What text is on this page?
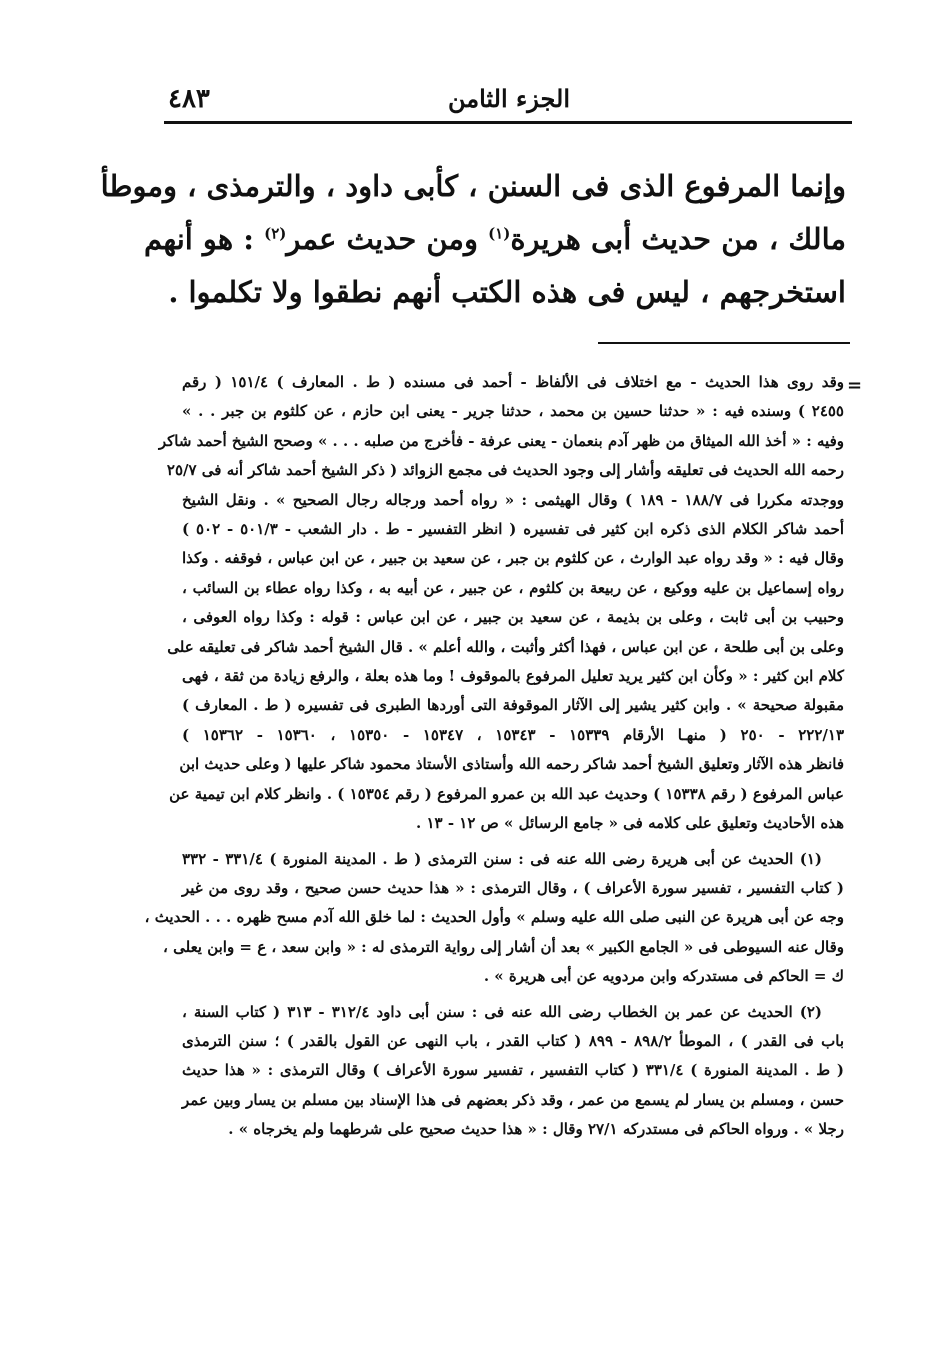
٤٨٣	الجزء الثامن
وإنما المرفوع الذى فى السنن ، كأبى داود ، والترمذى ، وموطأ
مالك ، من حديث أبى هريرة$^{(١)}$ ومن حديث عمر$^{(٢)}$ : هو أنهم
استخرجهم ، ليس فى هذه الكتب أنهم نطقوا ولا تكلموا .
=
وقد روى هذا الحديث - مع اختلاف فى الألفاظ - أحمد فى مسنده ( ط . المعارف ) ١٥١/٤ ( رقم
٢٤٥٥ ) وسنده فيه : « حدثنا حسين بن محمد ، حدثنا جرير - يعنى ابن حازم ، عن كلثوم بن جبر . . »
وفيه : « أخذ الله الميثاق من ظهر آدم بنعمان - يعنى عرفة - فأخرج من صلبه . . . » وصحح الشيخ أحمد شاكر
رحمه الله الحديث فى تعليقه وأشار إلى وجود الحديث فى مجمع الزوائد ( ذكر الشيخ أحمد شاكر أنه فى ٢٥/٧
ووجدته مكررا فى ١٨٨/٧ - ١٨٩ ) وقال الهيثمى : « رواه أحمد ورجاله رجال الصحيح » . ونقل الشيخ
أحمد شاكر الكلام الذى ذكره ابن كثير فى تفسيره ( انظر التفسير - ط . دار الشعب - ٥٠١/٣ - ٥٠٢ )
وقال فيه : « وقد رواه عبد الوارث ، عن كلثوم بن جبر ، عن سعيد بن جبير ، عن ابن عباس ، فوقفه . وكذا
رواه إسماعيل بن عليه ووكيع ، عن ربيعة بن كلثوم ، عن جبير ، عن أبيه به ، وكذا رواه عطاء بن السائب ،
وحبيب بن أبى ثابت ، وعلى بن بذيمة ، عن سعيد بن جبير ، عن ابن عباس : قوله : وكذا رواه العوفى ،
وعلى بن أبى طلحة ، عن ابن عباس ، فهذا أكثر وأثبت ، والله أعلم » . قال الشيخ أحمد شاكر فى تعليقه على
كلام ابن كثير : « وكأن ابن كثير يريد تعليل المرفوع بالموقوف ! وما هذه بعلة ، والرفع زيادة من ثقة ، فهى
مقبولة صحيحة » . وابن كثير يشير إلى الآثار الموقوفة التى أوردها الطبرى فى تفسيره ( ط . المعارف )
٢٢٢/١٣ - ٢٥٠ ( منهـا الأرقام ١٥٣٣٩ - ١٥٣٤٣ ، ١٥٣٤٧ - ١٥٣٥٠ ، ١٥٣٦٠ - ١٥٣٦٢ )
فانظر هذه الآثار وتعليق الشيخ أحمد شاكر رحمه الله وأستاذى الأستاذ محمود شاكر عليها ( وعلى حديث ابن
عباس المرفوع ( رقم ١٥٣٣٨ ) وحديث عبد الله بن عمرو المرفوع ( رقم ١٥٣٥٤ ) . وانظر كلام ابن تيمية عن
هذه الأحاديث وتعليق على كلامه فى « جامع الرسائل » ص ١٢ - ١٣ .
(١) الحديث عن أبى هريرة رضى الله عنه فى : سنن الترمذى ( ط . المدينة المنورة ) ٣٣١/٤ - ٣٣٢
( كتاب التفسير ، تفسير سورة الأعراف ) ، وقال الترمذى : « هذا حديث حسن صحيح ، وقد روى من غير
وجه عن أبى هريرة عن النبى صلى الله عليه وسلم » وأول الحديث : لما خلق الله آدم مسح ظهره . . . الحديث ،
وقال عنه السيوطى فى « الجامع الكبير » بعد أن أشار إلى رواية الترمذى له : « وابن سعد ، ع = وابن يعلى ،
ك = الحاكم فى مستدركه وابن مردويه عن أبى هريرة » .
(٢) الحديث عن عمر بن الخطاب رضى الله عنه فى : سنن أبى داود ٣١٢/٤ - ٣١٣ ( كتاب السنة ،
باب فى القدر ) ، الموطأ ٨٩٨/٢ - ٨٩٩ ( كتاب القدر ، باب النهى عن القول بالقدر ) ؛ سنن الترمذى
( ط . المدينة المنورة ) ٣٣١/٤ ( كتاب التفسير ، تفسير سورة الأعراف ) وقال الترمذى : « هذا حديث
حسن ، ومسلم بن يسار لم يسمع من عمر ، وقد ذكر بعضهم فى هذا الإسناد بين مسلم بن يسار وبين عمر
رجلا » . ورواه الحاكم فى مستدركه ٢٧/١ وقال : « هذا حديث صحيح على شرطهما ولم يخرجاه » .
